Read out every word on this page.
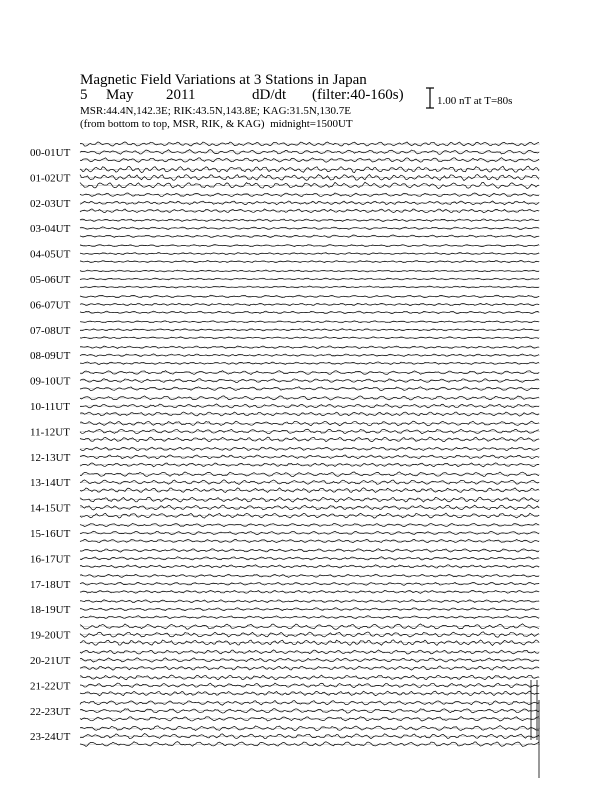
Magnetic Field Variations at 3 Stations in Japan
5 May 2011	dD/dt (filter:40-160s)
MSR:44.4N,142.3E; RIK:43.5N,143.8E; KAG:31.5N,130.7E
(from bottom to top, MSR, RIK, & KAG) midnight=1500UT
1.00 nT at T=80s
00-01UT
01-02UT
02-03UT
03-04UT
04-05UT
05-06UT
06-07UT
07-08UT
08-09UT
09-10UT
10-11UT
11-12UT
12-13UT
13-14UT
14-15UT
15-16UT
16-17UT
17-18UT
18-19UT
19-20UT
20-21UT
21-22UT
22-23UT
23-24UT
